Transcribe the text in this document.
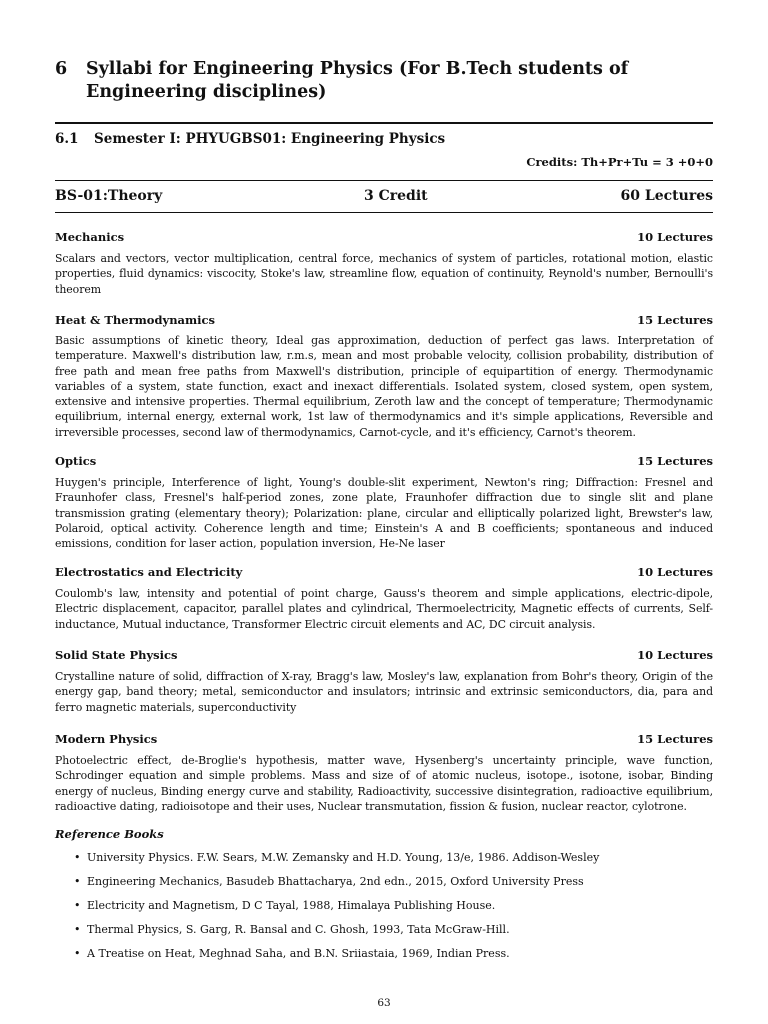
6	Syllabi for Engineering Physics (For B.Tech students of Engineering disciplines)
6.1	Semester I: PHYUGBS01: Engineering Physics
Credits: Th+Pr+Tu = 3 +0+0
BS-01:Theory	3 Credit	60 Lectures
Mechanics	10 Lectures
Scalars and vectors, vector multiplication, central force, mechanics of system of particles, rotational motion, elastic properties, fluid dynamics: viscocity, Stoke's law, streamline flow, equation of continuity, Reynold's number, Bernoulli's theorem
Heat & Thermodynamics	15 Lectures
Basic assumptions of kinetic theory, Ideal gas approximation, deduction of perfect gas laws. Interpretation of temperature. Maxwell's distribution law, r.m.s, mean and most probable velocity, collision probability, distribution of free path and mean free paths from Maxwell's distribution, principle of equipartition of energy. Thermodynamic variables of a system, state function, exact and inexact differentials. Isolated system, closed system, open system, extensive and intensive properties. Thermal equilibrium, Zeroth law and the concept of temperature; Thermodynamic equilibrium, internal energy, external work, 1st law of thermodynamics and it's simple applications, Reversible and irreversible processes, second law of thermodynamics, Carnot-cycle, and it's efficiency, Carnot's theorem.
Optics	15 Lectures
Huygen's principle, Interference of light, Young's double-slit experiment, Newton's ring; Diffraction: Fresnel and Fraunhofer class, Fresnel's half-period zones, zone plate, Fraunhofer diffraction due to single slit and plane transmission grating (elementary theory); Polarization: plane, circular and elliptically polarized light, Brewster's law, Polaroid, optical activity. Coherence length and time; Einstein's A and B coefficients; spontaneous and induced emissions, condition for laser action, population inversion, He-Ne laser
Electrostatics and Electricity	10 Lectures
Coulomb's law, intensity and potential of point charge, Gauss's theorem and simple applications, electric-dipole, Electric displacement, capacitor, parallel plates and cylindrical, Thermoelectricity, Magnetic effects of currents, Self-inductance, Mutual inductance, Transformer Electric circuit elements and AC, DC circuit analysis.
Solid State Physics	10 Lectures
Crystalline nature of solid, diffraction of X-ray, Bragg's law, Mosley's law, explanation from Bohr's theory, Origin of the energy gap, band theory; metal, semiconductor and insulators; intrinsic and extrinsic semiconductors, dia, para and ferro magnetic materials, superconductivity
Modern Physics	15 Lectures
Photoelectric effect, de-Broglie's hypothesis, matter wave, Hysenberg's uncertainty principle, wave function, Schrodinger equation and simple problems. Mass and size of of atomic nucleus, isotope., isotone, isobar, Binding energy of nucleus, Binding energy curve and stability, Radioactivity, successive disintegration, radioactive equilibrium, radioactive dating, radioisotope and their uses, Nuclear transmutation, fission & fusion, nuclear reactor, cylotrone.
Reference Books
• University Physics. F.W. Sears, M.W. Zemansky and H.D. Young, 13/e, 1986. Addison-Wesley
• Engineering Mechanics, Basudeb Bhattacharya, 2nd edn., 2015, Oxford University Press
• Electricity and Magnetism, D C Tayal, 1988, Himalaya Publishing House.
• Thermal Physics, S. Garg, R. Bansal and C. Ghosh, 1993, Tata McGraw-Hill.
• A Treatise on Heat, Meghnad Saha, and B.N. Sriiastaia, 1969, Indian Press.
63
